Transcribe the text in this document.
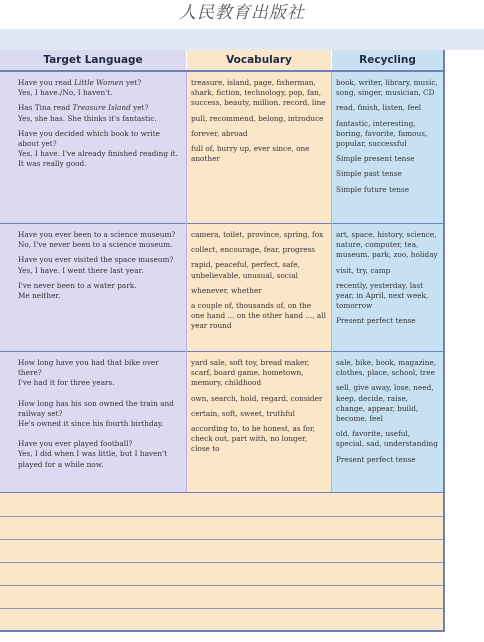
人民教育出版社
Target Language	Vocabulary	Recycling

Have you read Little Women yet?
Yes, I have./No, I haven't.

Has Tina read Treasure Island yet?
Yes, she has. She thinks it's fantastic.

Have you decided which book to write about yet?
Yes, I have. I've already finished reading it. It was really good.

treasure, island, page, fisherman, shark, fiction, technology, pop, fan, success, beauty, million, record, line

pull, recommend, belong, introduce

forever, abroad

full of, hurry up, ever since, one another

book, writer, library, music, song, singer, musician, CD

read, finish, listen, feel

fantastic, interesting, boring, favorite, famous, popular, successful

Simple present tense

Simple past tense

Simple future tense

Have you ever been to a science museum?
No, I've never been to a science museum.

Have you ever visited the space museum?
Yes, I have. I went there last year.

I've never been to a water park.
Me neither.

camera, toilet, province, spring, fox

collect, encourage, fear, progress

rapid, peaceful, perfect, safe, unbelievable, unusual, social

whenever, whether

a couple of, thousands of, on the one hand ... on the other hand ..., all year round

art, space, history, science, nature, computer, tea, museum, park, zoo, holiday

visit, try, camp

recently, yesterday, last year, in April, next week, tomorrow

Present perfect tense

How long have you had that bike over there?
I've had it for three years.

How long has his son owned the train and railway set?
He's owned it since his fourth birthday.

Have you ever played football?
Yes, I did when I was little, but I haven't played for a while now.

yard sale, soft toy, bread maker, scarf, board game, hometown, memory, childhood

own, search, hold, regard, consider

certain, soft, sweet, truthful

according to, to be honest, as for, check out, part with, no longer, close to

sale, bike, book, magazine, clothes, place, school, tree

sell, give away, lose, need, keep, decide, raise, change, appear, build, become, feel

old, favorite, useful, special, sad, understanding

Present perfect tense
